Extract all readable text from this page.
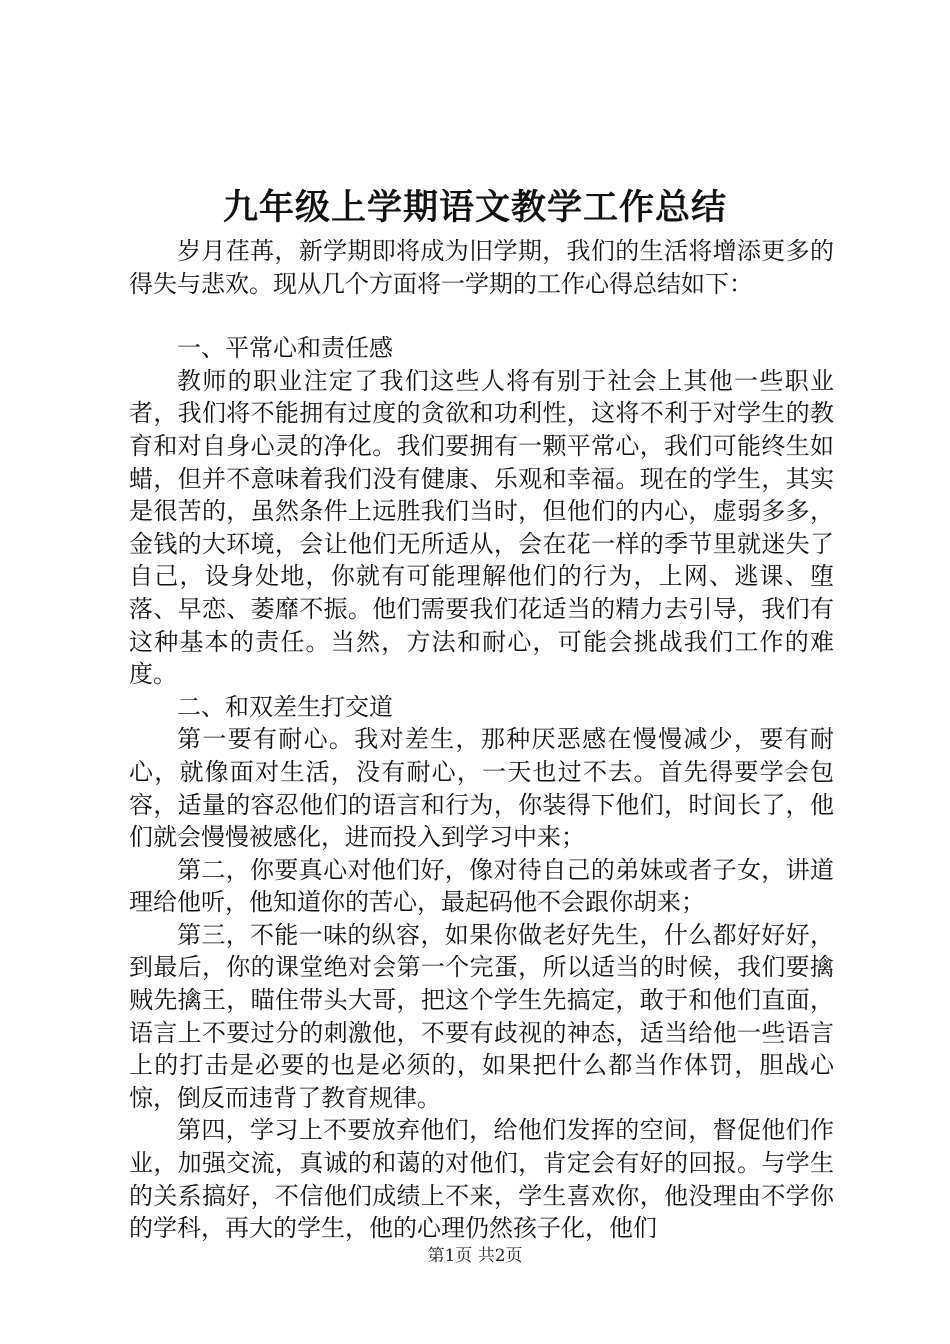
九年级上学期语文教学工作总结

岁月荏苒，新学期即将成为旧学期，我们的生活将增添更多的得失与悲欢。现从几个方面将一学期的工作心得总结如下：

一、平常心和责任感

教师的职业注定了我们这些人将有别于社会上其他一些职业者，我们将不能拥有过度的贪欲和功利性，这将不利于对学生的教育和对自身心灵的净化。我们要拥有一颗平常心，我们可能终生如蜡，但并不意味着我们没有健康、乐观和幸福。现在的学生，其实是很苦的，虽然条件上远胜我们当时，但他们的内心，虚弱多多，金钱的大环境，会让他们无所适从，会在花一样的季节里就迷失了自己，设身处地，你就有可能理解他们的行为，上网、逃课、堕落、早恋、萎靡不振。他们需要我们花适当的精力去引导，我们有这种基本的责任。当然，方法和耐心，可能会挑战我们工作的难度。

二、和双差生打交道

第一要有耐心。我对差生，那种厌恶感在慢慢减少，要有耐心，就像面对生活，没有耐心，一天也过不去。首先得要学会包容，适量的容忍他们的语言和行为，你装得下他们，时间长了，他们就会慢慢被感化，进而投入到学习中来；

第二，你要真心对他们好，像对待自己的弟妹或者子女，讲道理给他听，他知道你的苦心，最起码他不会跟你胡来；

第三，不能一味的纵容，如果你做老好先生，什么都好好好，到最后，你的课堂绝对会第一个完蛋，所以适当的时候，我们要擒贼先擒王，瞄住带头大哥，把这个学生先搞定，敢于和他们直面，语言上不要过分的刺激他，不要有歧视的神态，适当给他一些语言上的打击是必要的也是必须的，如果把什么都当作体罚，胆战心惊，倒反而违背了教育规律。

第四，学习上不要放弃他们，给他们发挥的空间，督促他们作业，加强交流，真诚的和蔼的对他们，肯定会有好的回报。与学生的关系搞好，不信他们成绩上不来，学生喜欢你，他没理由不学你的学科，再大的学生，他的心理仍然孩子化，他们

第1页 共2页
